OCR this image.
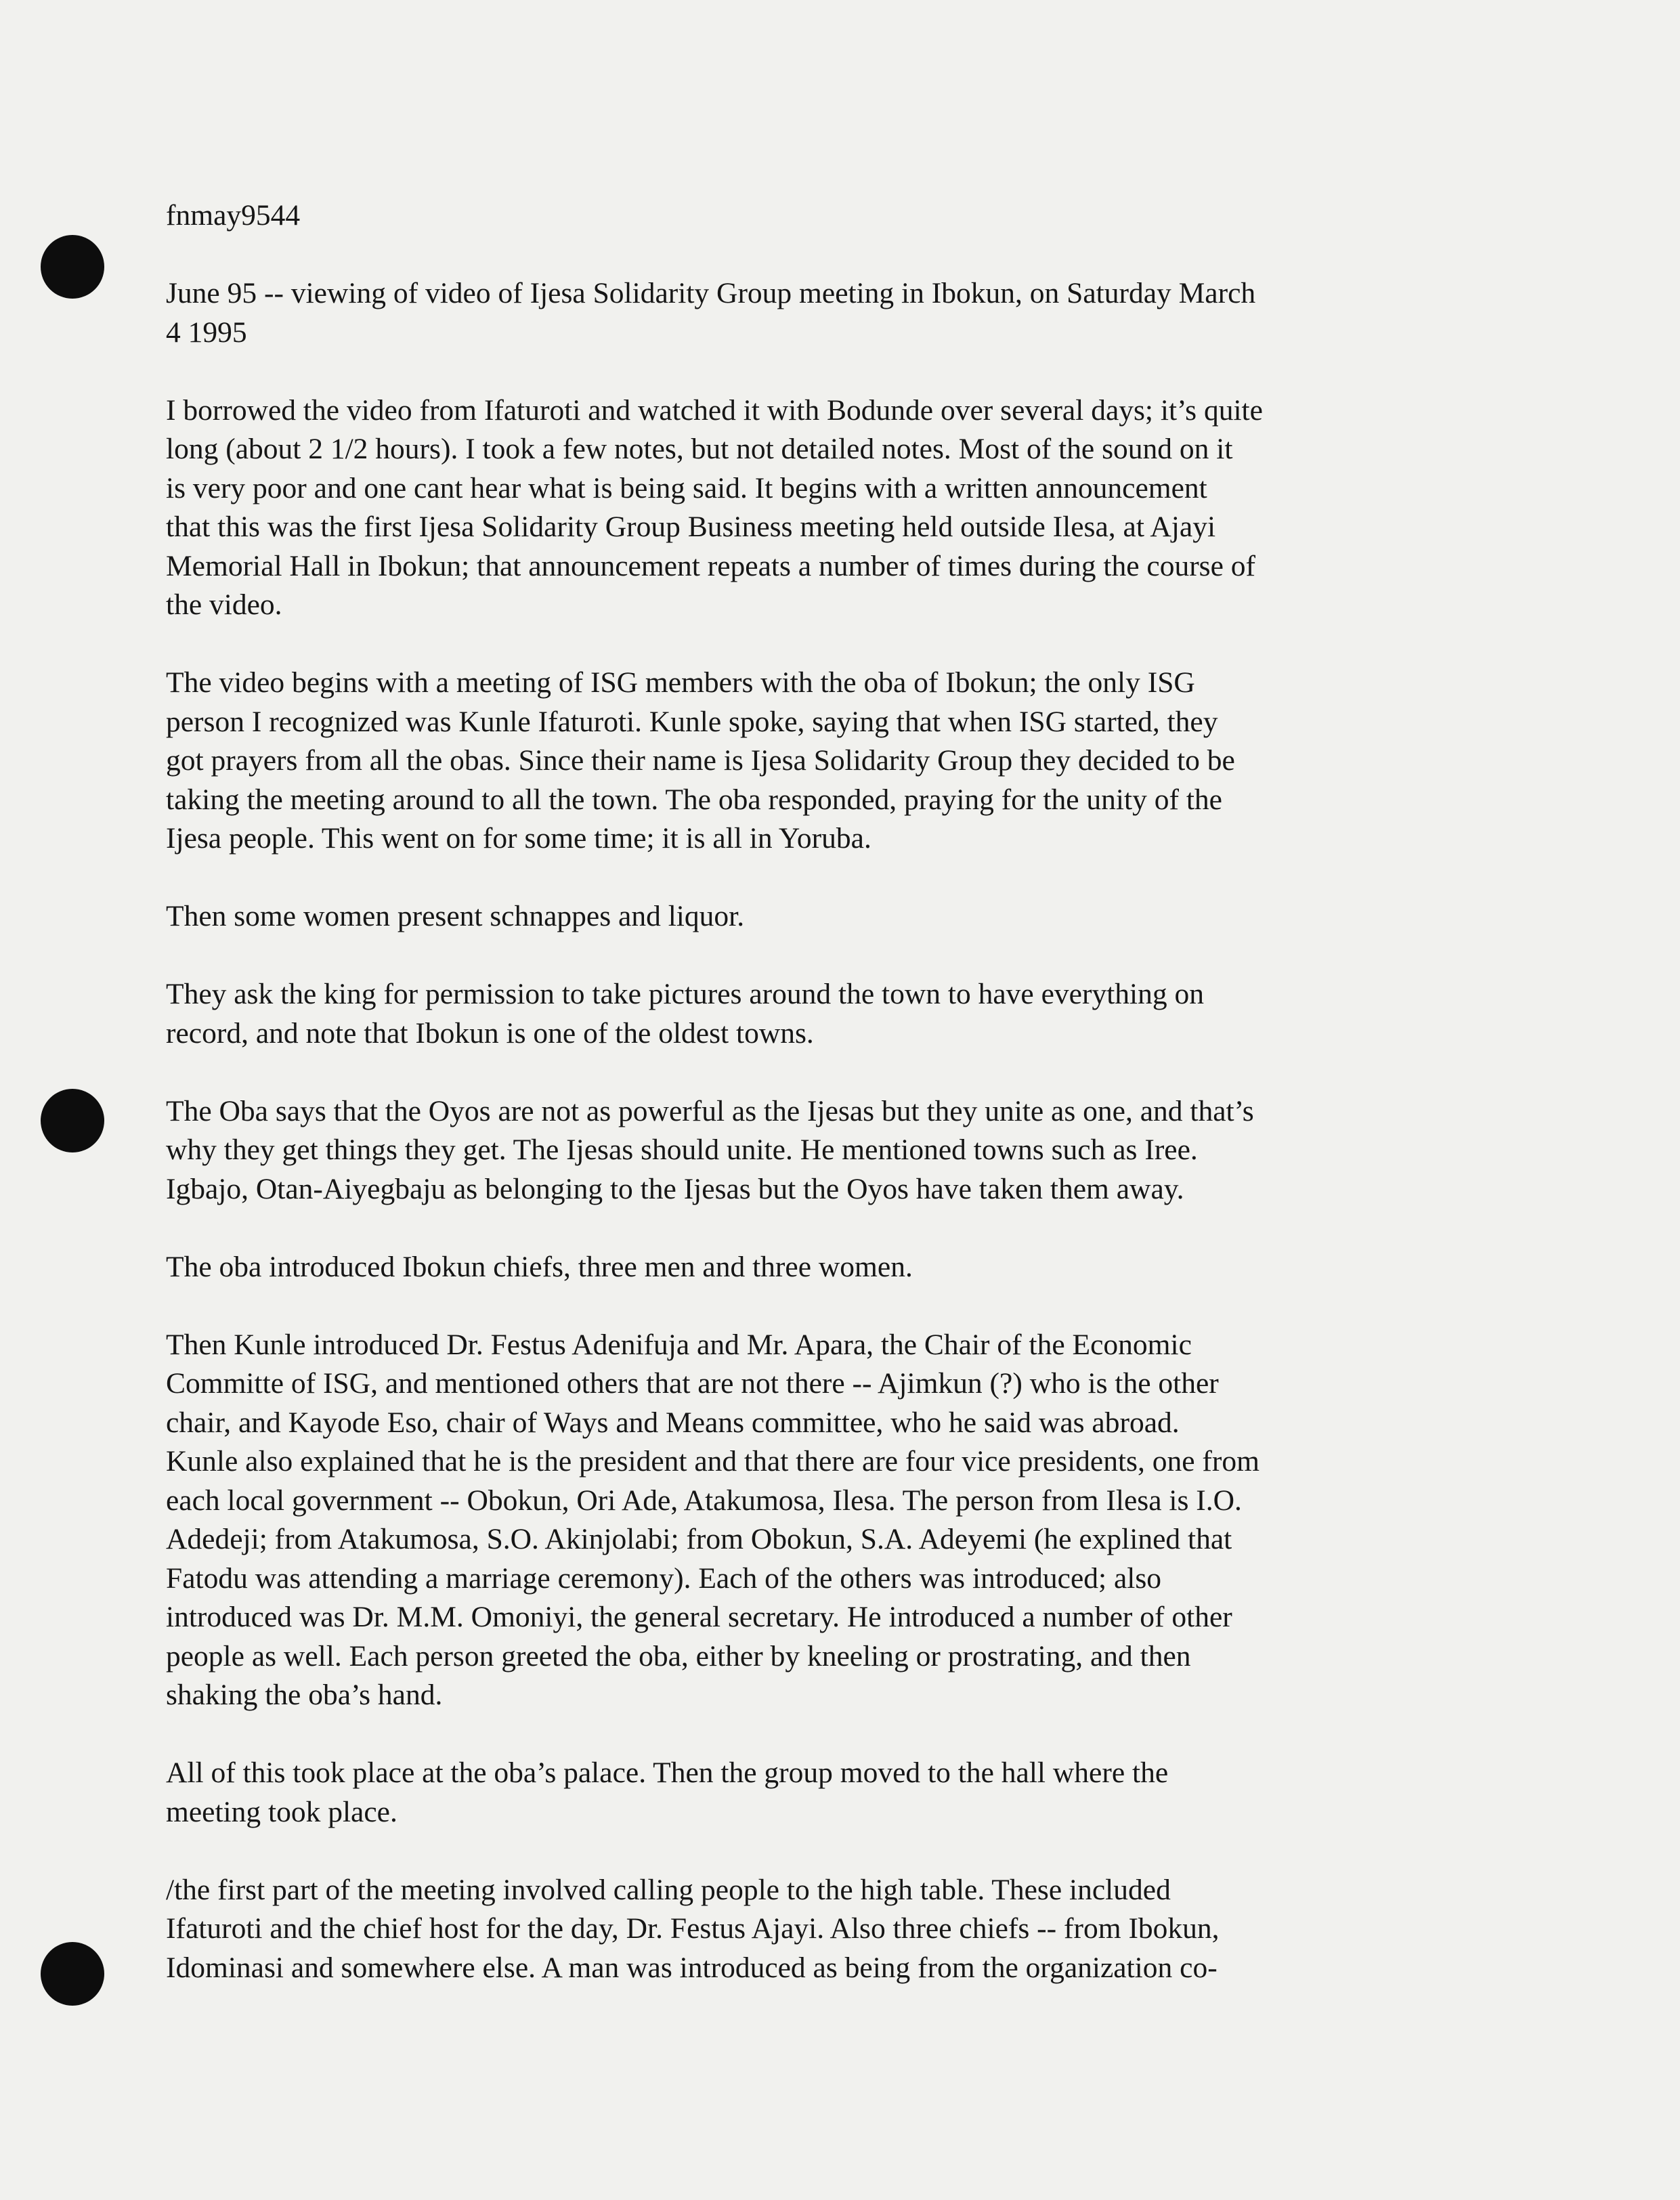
fnmay9544

June 95 -- viewing of video of Ijesa Solidarity Group meeting in Ibokun, on Saturday March

4 1995

I borrowed the video from Ifaturoti and watched it with Bodunde over several days; it’s quite

long (about 2 1/2 hours). I took a few notes, but not detailed notes. Most of the sound on it

is very poor and one cant hear what is being said. It begins with a written announcement

that this was the first Ijesa Solidarity Group Business meeting held outside Ilesa, at Ajayi

Memorial Hall in Ibokun; that announcement repeats a number of times during the course of

the video.

The video begins with a meeting of ISG members with the oba of Ibokun; the only ISG

person I recognized was Kunle Ifaturoti. Kunle spoke, saying that when ISG started, they

got prayers from all the obas. Since their name is Ijesa Solidarity Group they decided to be

taking the meeting around to all the town. The oba responded, praying for the unity of the

Ijesa people. This went on for some time; it is all in Yoruba.

Then some women present schnappes and liquor.

They ask the king for permission to take pictures around the town to have everything on

record, and note that Ibokun is one of the oldest towns.

The Oba says that the Oyos are not as powerful as the Ijesas but they unite as one, and that’s

why they get things they get. The Ijesas should unite. He mentioned towns such as Iree.

Igbajo, Otan-Aiyegbaju as belonging to the Ijesas but the Oyos have taken them away.

The oba introduced Ibokun chiefs, three men and three women.

Then Kunle introduced Dr. Festus Adenifuja and Mr. Apara, the Chair of the Economic

Committe of ISG, and mentioned others that are not there -- Ajimkun (?) who is the other

chair, and Kayode Eso, chair of Ways and Means committee, who he said was abroad.

Kunle also explained that he is the president and that there are four vice presidents, one from

each local government -- Obokun, Ori Ade, Atakumosa, Ilesa. The person from Ilesa is I.O.

Adedeji; from Atakumosa, S.O. Akinjolabi; from Obokun, S.A. Adeyemi (he explined that

Fatodu was attending a marriage ceremony). Each of the others was introduced; also

introduced was Dr. M.M. Omoniyi, the general secretary. He introduced a number of other

people as well. Each person greeted the oba, either by kneeling or prostrating, and then

shaking the oba’s hand.

All of this took place at the oba’s palace. Then the group moved to the hall where the

meeting took place.

/the first part of the meeting involved calling people to the high table. These included

Ifaturoti and the chief host for the day, Dr. Festus Ajayi. Also three chiefs -- from Ibokun,

Idominasi and somewhere else. A man was introduced as being from the organization co-
